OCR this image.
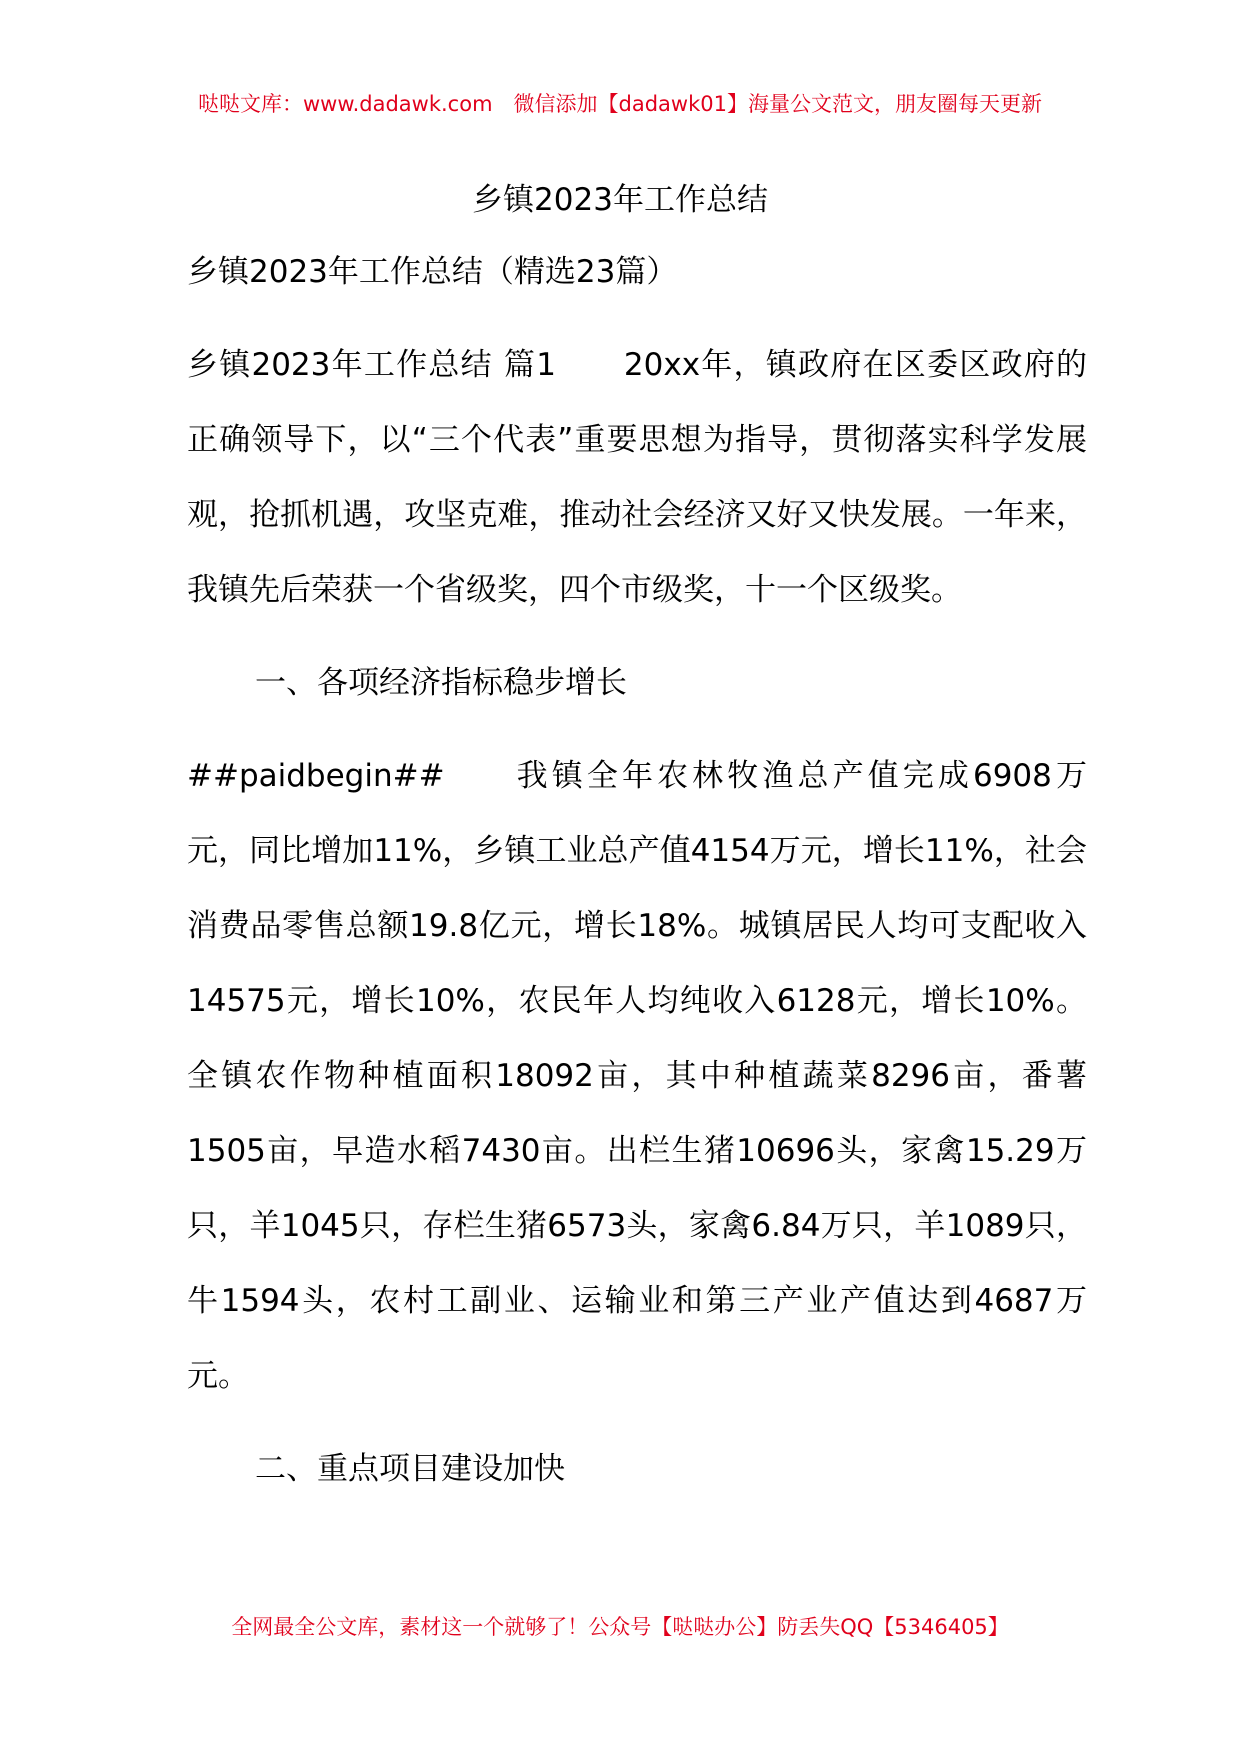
哒哒文库：www.dadawk.com　微信添加【dadawk01】海量公文范文，朋友圈每天更新
乡镇2023年工作总结

乡镇2023年工作总结（精选23篇）

乡镇2023年工作总结 篇1 20xx年，镇政府在区委区政府的正确领导下，以“三个代表”重要思想为指导，贯彻落实科学发展观，抢抓机遇，攻坚克难，推动社会经济又好又快发展。一年来，我镇先后荣获一个省级奖，四个市级奖，十一个区级奖。

一、各项经济指标稳步增长

##paidbegin## 我镇全年农林牧渔总产值完成6908万元，同比增加11%，乡镇工业总产值4154万元，增长11%，社会消费品零售总额19.8亿元，增长18%。城镇居民人均可支配收入14575元，增长10%，农民年人均纯收入6128元，增长10%。全镇农作物种植面积18092亩，其中种植蔬菜8296亩，番薯1505亩，早造水稻7430亩。出栏生猪10696头，家禽15.29万只，羊1045只，存栏生猪6573头，家禽6.84万只，羊1089只，牛1594头，农村工副业、运输业和第三产业产值达到4687万元。

二、重点项目建设加快

全网最全公文库，素材这一个就够了！公众号【哒哒办公】防丢失QQ【5346405】
